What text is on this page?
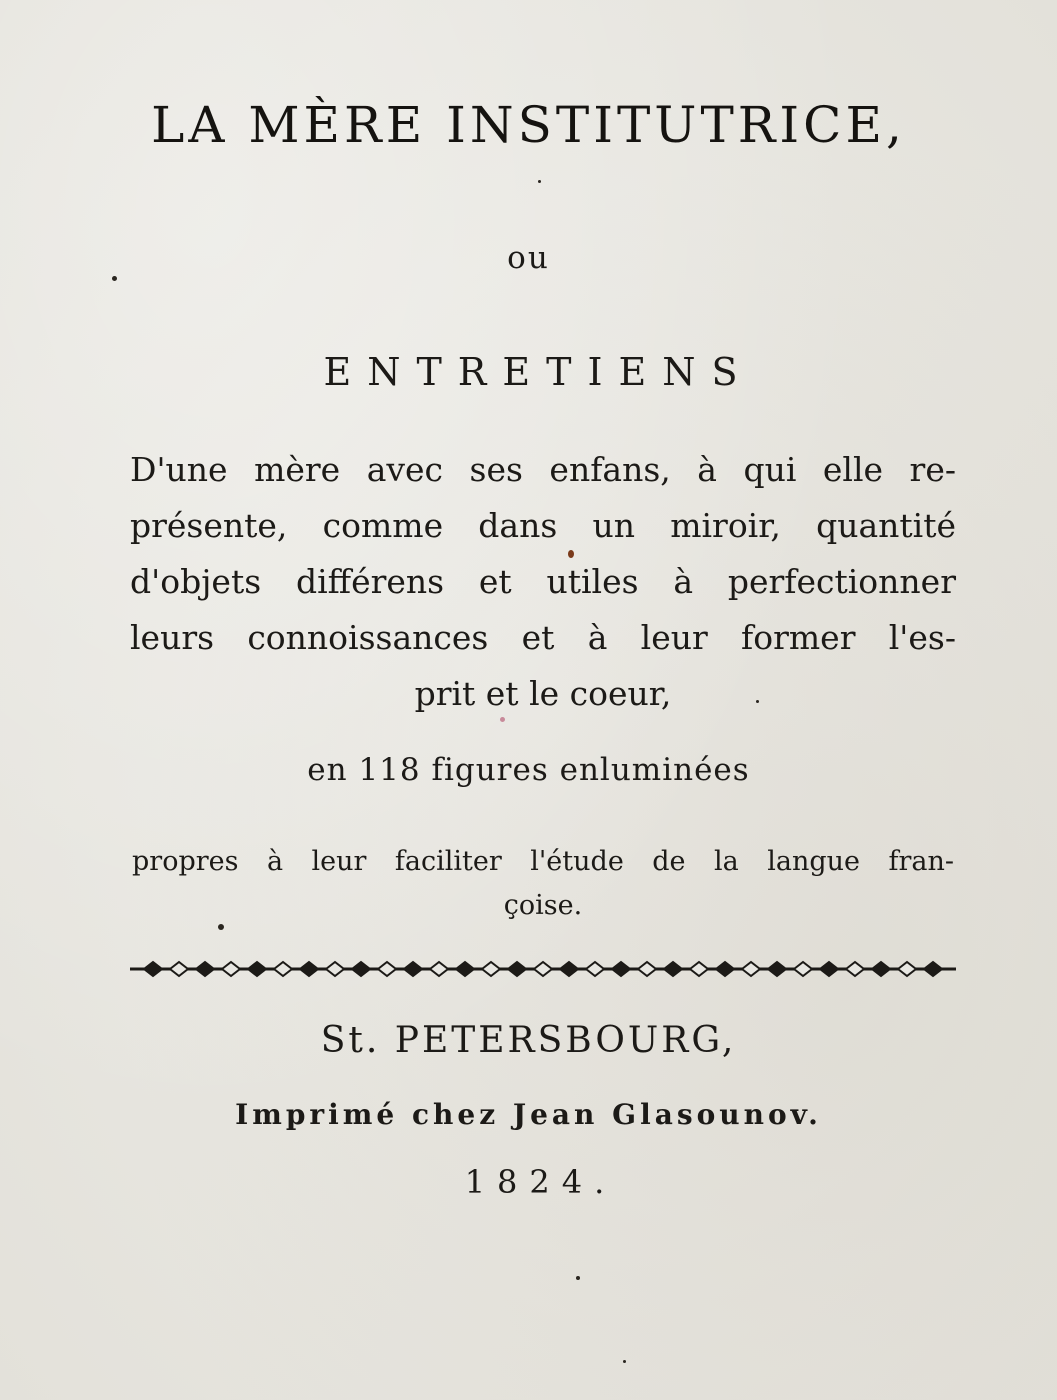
LA MÈRE INSTITUTRICE,
ou
ENTRETIENS
D'une mère avec ses enfans, à qui elle re-
présente, comme dans un miroir, quantité
d'objets différens et utiles à perfectionner
leurs connoissances et à leur former l'es-
prit et le coeur,
en 118 figures enluminées
propres à leur faciliter l'étude de la langue fran-
çoise.
St. PETERSBOURG,
Imprimé chez Jean Glasounov.
1824.
